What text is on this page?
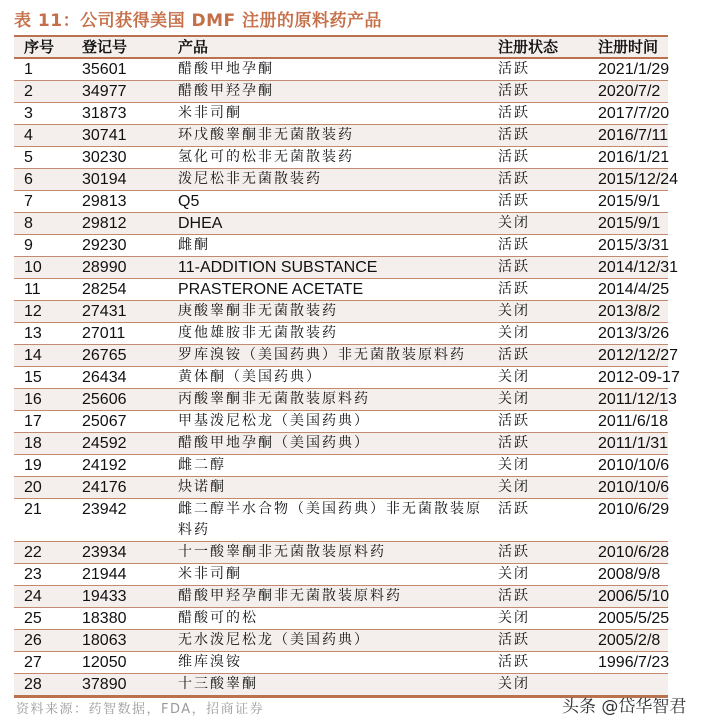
表 11：公司获得美国 DMF 注册的原料药产品
序号	登记号	产品	注册状态	注册时间
1	35601	醋酸甲地孕酮	活跃	2021/1/29
2	34977	醋酸甲羟孕酮	活跃	2020/7/2
3	31873	米非司酮	活跃	2017/7/20
4	30741	环戊酸睾酮非无菌散装药	活跃	2016/7/11
5	30230	氢化可的松非无菌散装药	活跃	2016/1/21
6	30194	泼尼松非无菌散装药	活跃	2015/12/24
7	29813	Q5	活跃	2015/9/1
8	29812	DHEA	关闭	2015/9/1
9	29230	雌酮	活跃	2015/3/31
10	28990	11-ADDITION SUBSTANCE	活跃	2014/12/31
11	28254	PRASTERONE ACETATE	活跃	2014/4/25
12	27431	庚酸睾酮非无菌散装药	关闭	2013/8/2
13	27011	度他雄胺非无菌散装药	关闭	2013/3/26
14	26765	罗库溴铵（美国药典）非无菌散装原料药	活跃	2012/12/27
15	26434	黄体酮（美国药典）	关闭	2012-09-17
16	25606	丙酸睾酮非无菌散装原料药	关闭	2011/12/13
17	25067	甲基泼尼松龙（美国药典）	活跃	2011/6/18
18	24592	醋酸甲地孕酮（美国药典）	活跃	2011/1/31
19	24192	雌二醇	关闭	2010/10/6
20	24176	炔诺酮	关闭	2010/10/6
21	23942	雌二醇半水合物（美国药典）非无菌散装原料药	活跃	2010/6/29
22	23934	十一酸睾酮非无菌散装原料药	活跃	2010/6/28
23	21944	米非司酮	关闭	2008/9/8
24	19433	醋酸甲羟孕酮非无菌散装原料药	活跃	2006/5/10
25	18380	醋酸可的松	关闭	2005/5/25
26	18063	无水泼尼松龙（美国药典）	活跃	2005/2/8
27	12050	维库溴铵	活跃	1996/7/23
28	37890	十三酸睾酮	关闭	
资料来源：药智数据，FDA，招商证券	头条 @岱华智君
